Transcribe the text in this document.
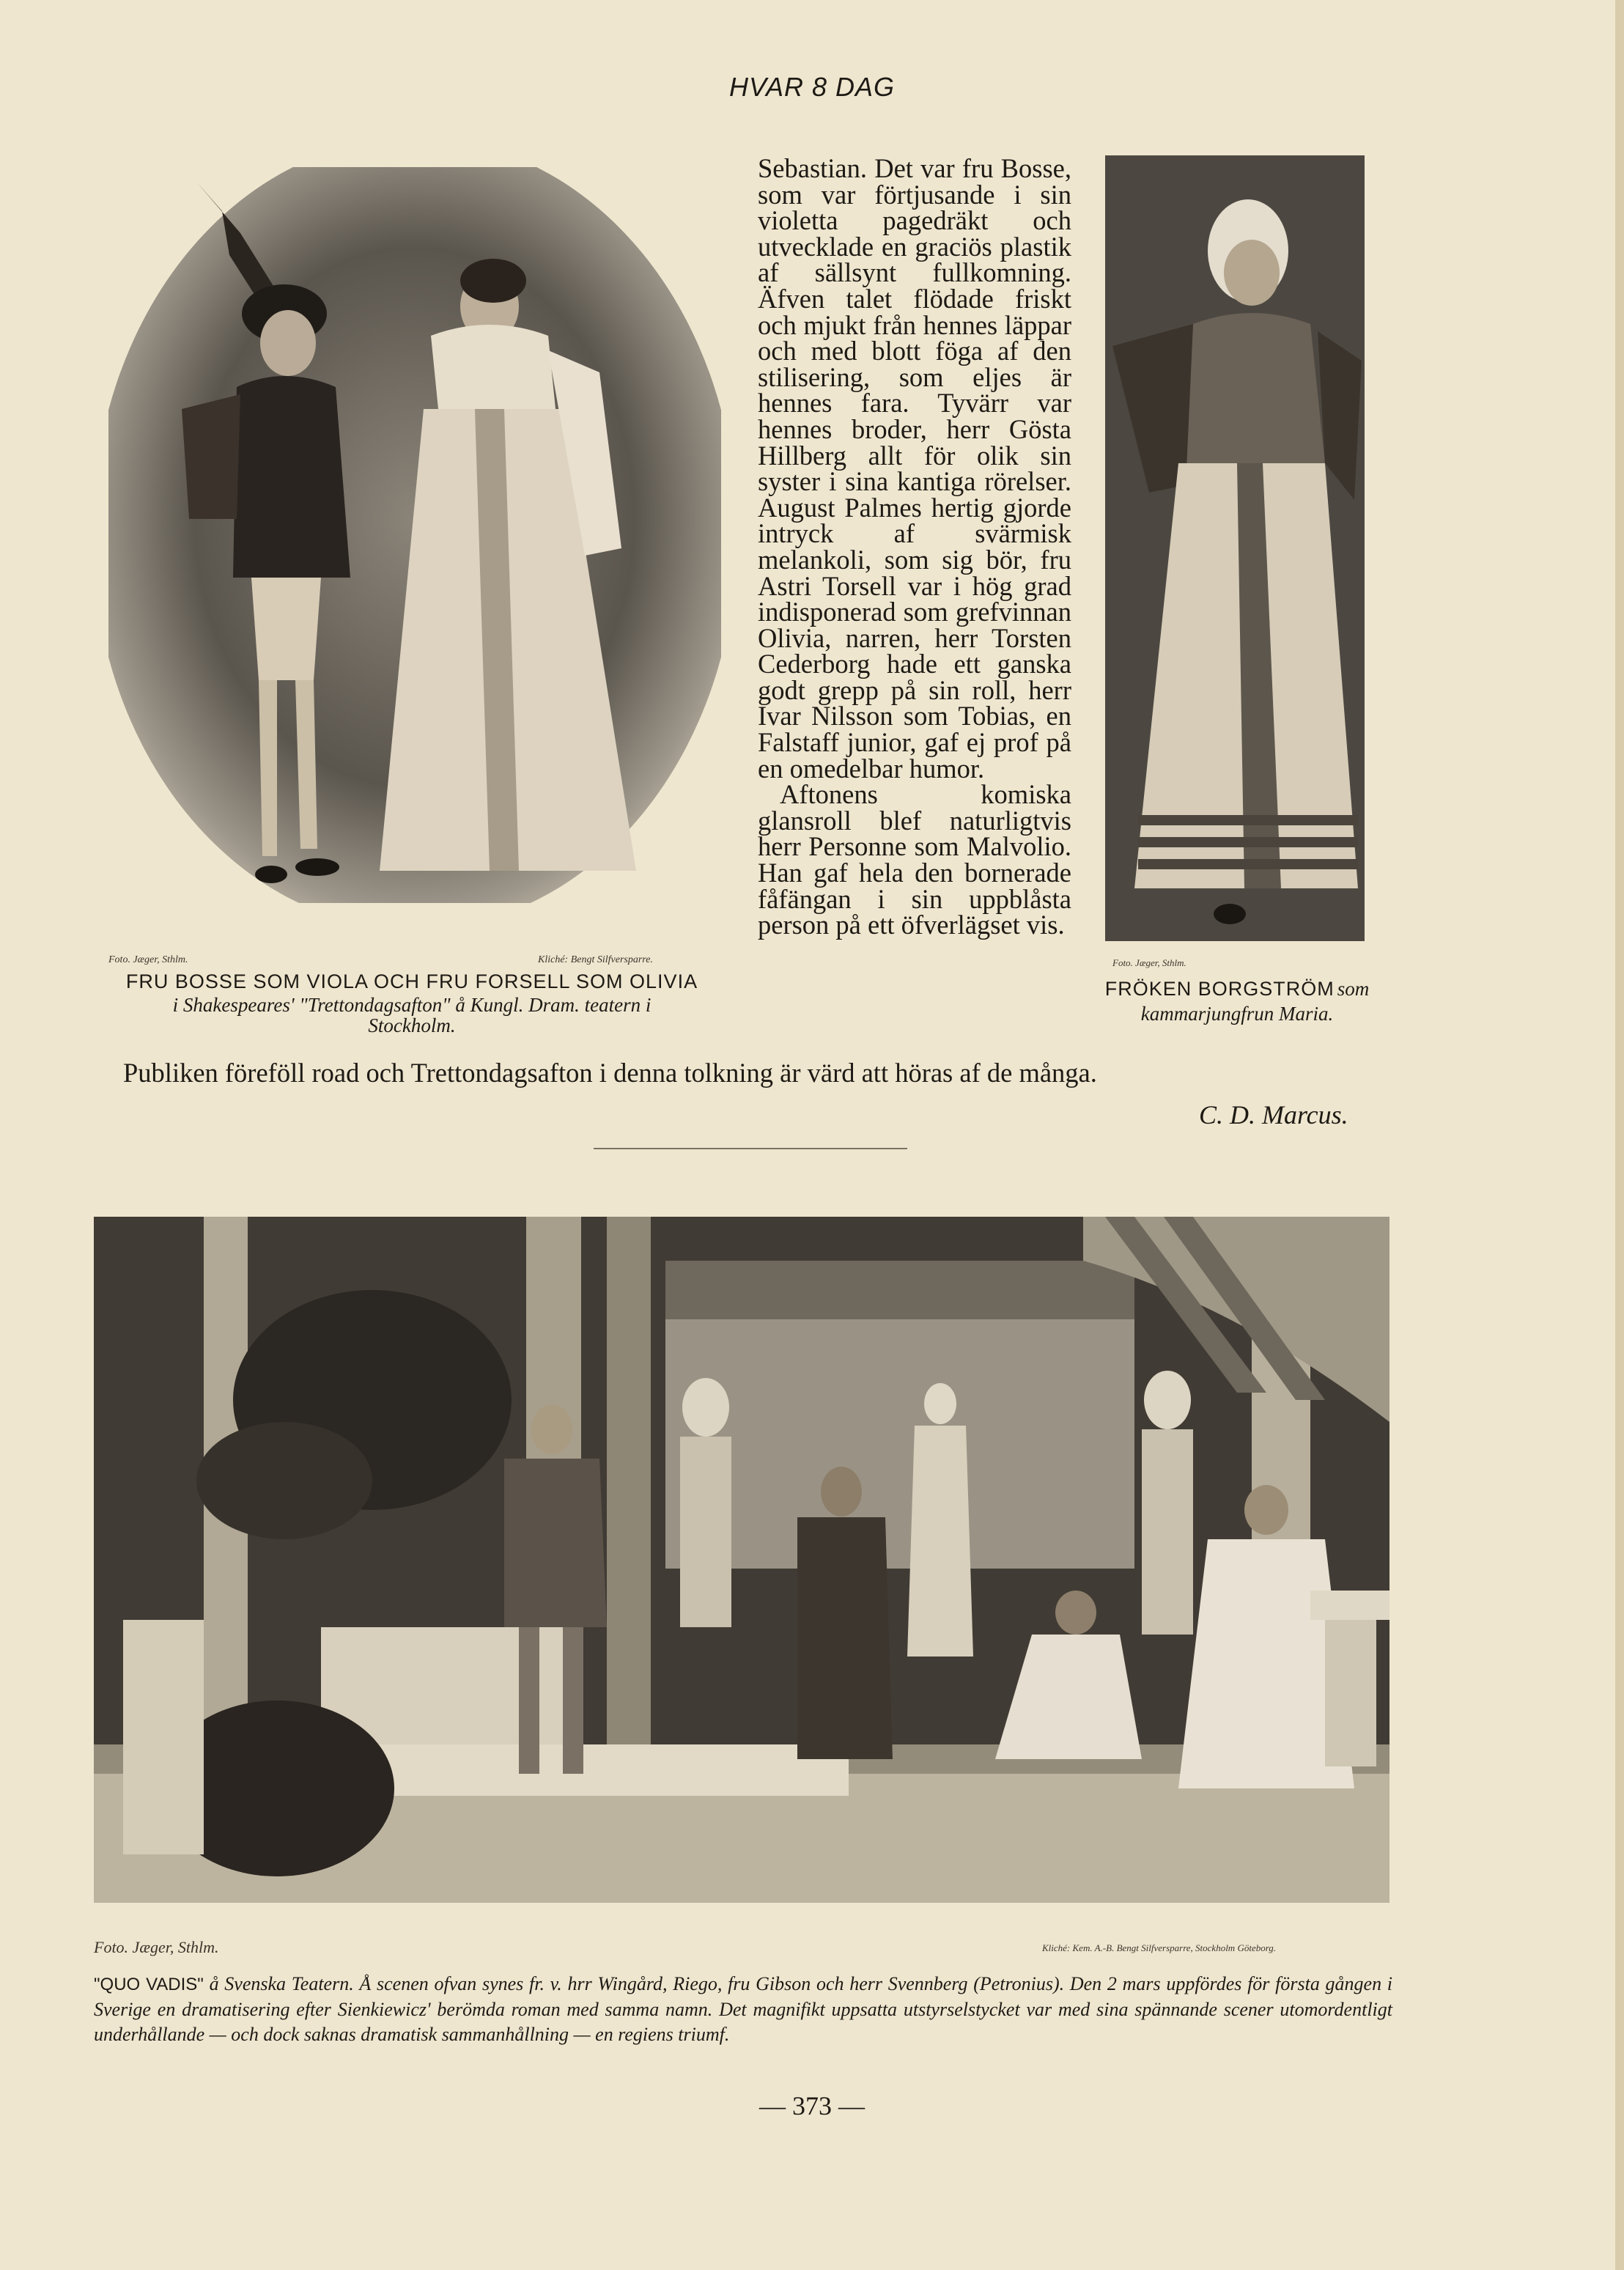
HVAR 8 DAG
Foto. Jæger, Sthlm.	Kliché: Bengt Silfversparre.
FRU BOSSE SOM VIOLA OCH FRU FORSELL SOM OLIVIA
i Shakespeares' "Trettondagsafton" å Kungl. Dram. teatern i
Stockholm.
Foto. Jæger, Sthlm.
FRÖKEN BORGSTRÖM som
kammarjungfrun Maria.

Sebastian. Det var fru Bosse, som var förtjusande i sin violetta pagedräkt och utvecklade en graciös plastik af sällsynt fullkomning. Äfven talet flödade friskt och mjukt från hennes läppar och med blott föga af den stilisering, som eljes är hennes fara. Tyvärr var hennes broder, herr Gösta Hillberg allt för olik sin syster i sina kantiga rörelser. August Palmes hertig gjorde intryck af svärmisk melankoli, som sig bör, fru Astri Torsell var i hög grad indisponerad som grefvinnan Olivia, narren, herr Torsten Cederborg hade ett ganska godt grepp på sin roll, herr Ivar Nilsson som Tobias, en Falstaff junior, gaf ej prof på en omedelbar humor.

Aftonens komiska glansroll blef naturligtvis herr Personne som Malvolio. Han gaf hela den bornerade fåfängan i sin uppblåsta person på ett öfverlägset vis.

Publiken föreföll road och Trettondagsafton i denna tolkning är värd att höras af de många.
C. D. Marcus.
Foto. Jæger, Sthlm.	Kliché: Kem. A.-B. Bengt Silfversparre, Stockholm Göteborg.
"QUO VADIS" å Svenska Teatern. Å scenen ofvan synes fr. v. hrr Wingård, Riego, fru Gibson och herr Svennberg (Petronius). Den 2 mars uppfördes för första gången i Sverige en dramatisering efter Sienkiewicz' berömda roman med samma namn. Det magnifikt uppsatta utstyrselstycket var med sina spännande scener utomordentligt underhållande — och dock saknas dramatisk sammanhållning — en regiens triumf.
— 373 —
